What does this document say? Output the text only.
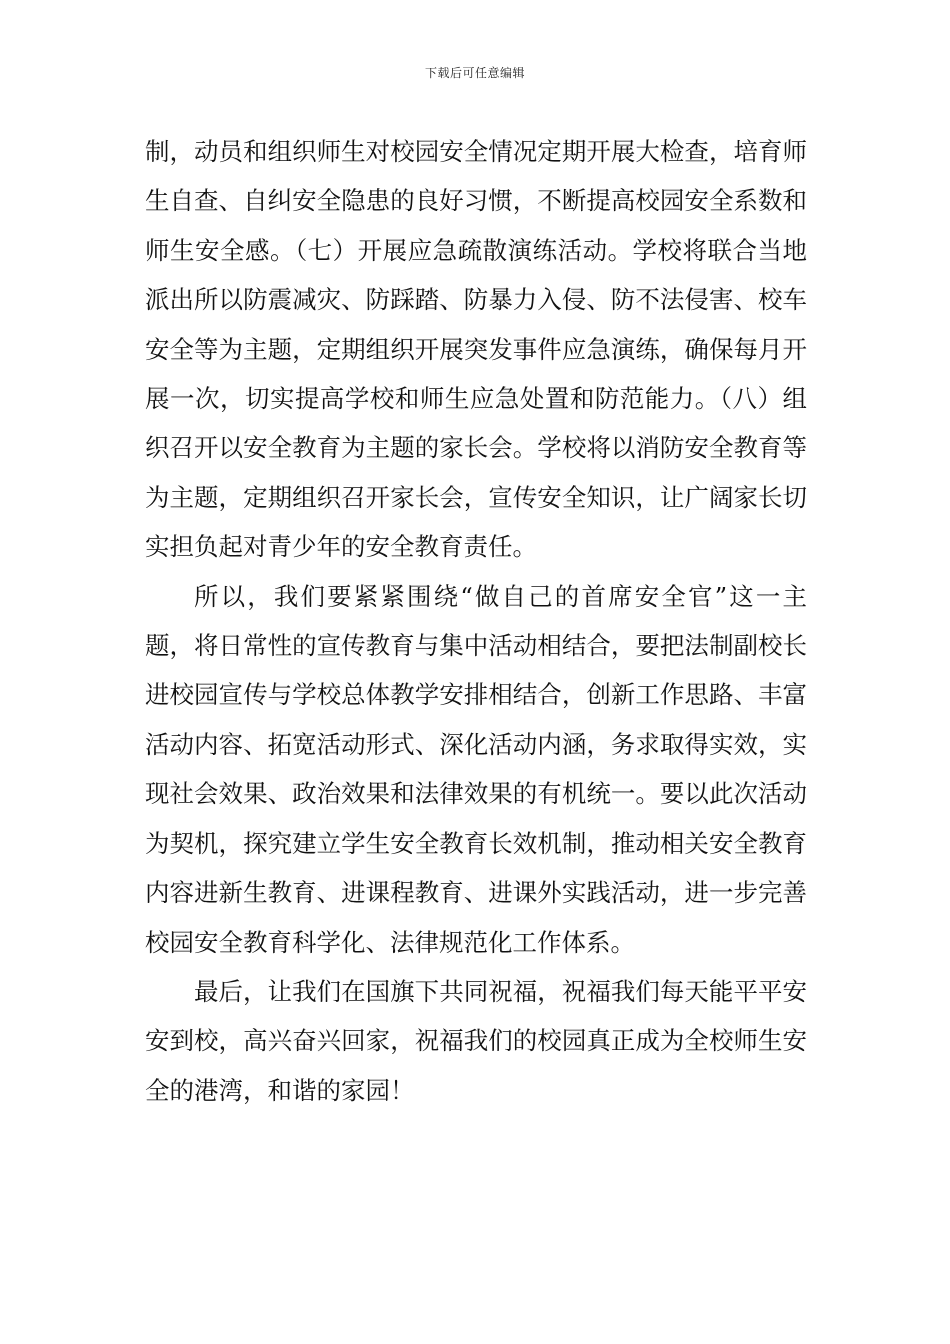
下载后可任意编辑

制，动员和组织师生对校园安全情况定期开展大检查，培育师生自查、自纠安全隐患的良好习惯，不断提高校园安全系数和师生安全感。（七）开展应急疏散演练活动。学校将联合当地派出所以防震减灾、防踩踏、防暴力入侵、防不法侵害、校车安全等为主题，定期组织开展突发事件应急演练，确保每月开展一次，切实提高学校和师生应急处置和防范能力。（八）组织召开以安全教育为主题的家长会。学校将以消防安全教育等为主题，定期组织召开家长会，宣传安全知识，让广阔家长切实担负起对青少年的安全教育责任。

所以，我们要紧紧围绕“做自己的首席安全官”这一主题，将日常性的宣传教育与集中活动相结合，要把法制副校长进校园宣传与学校总体教学安排相结合，创新工作思路、丰富活动内容、拓宽活动形式、深化活动内涵，务求取得实效，实现社会效果、政治效果和法律效果的有机统一。要以此次活动为契机，探究建立学生安全教育长效机制，推动相关安全教育内容进新生教育、进课程教育、进课外实践活动，进一步完善校园安全教育科学化、法律规范化工作体系。

最后，让我们在国旗下共同祝福，祝福我们每天能平平安安到校，高兴奋兴回家，祝福我们的校园真正成为全校师生安全的港湾，和谐的家园！
